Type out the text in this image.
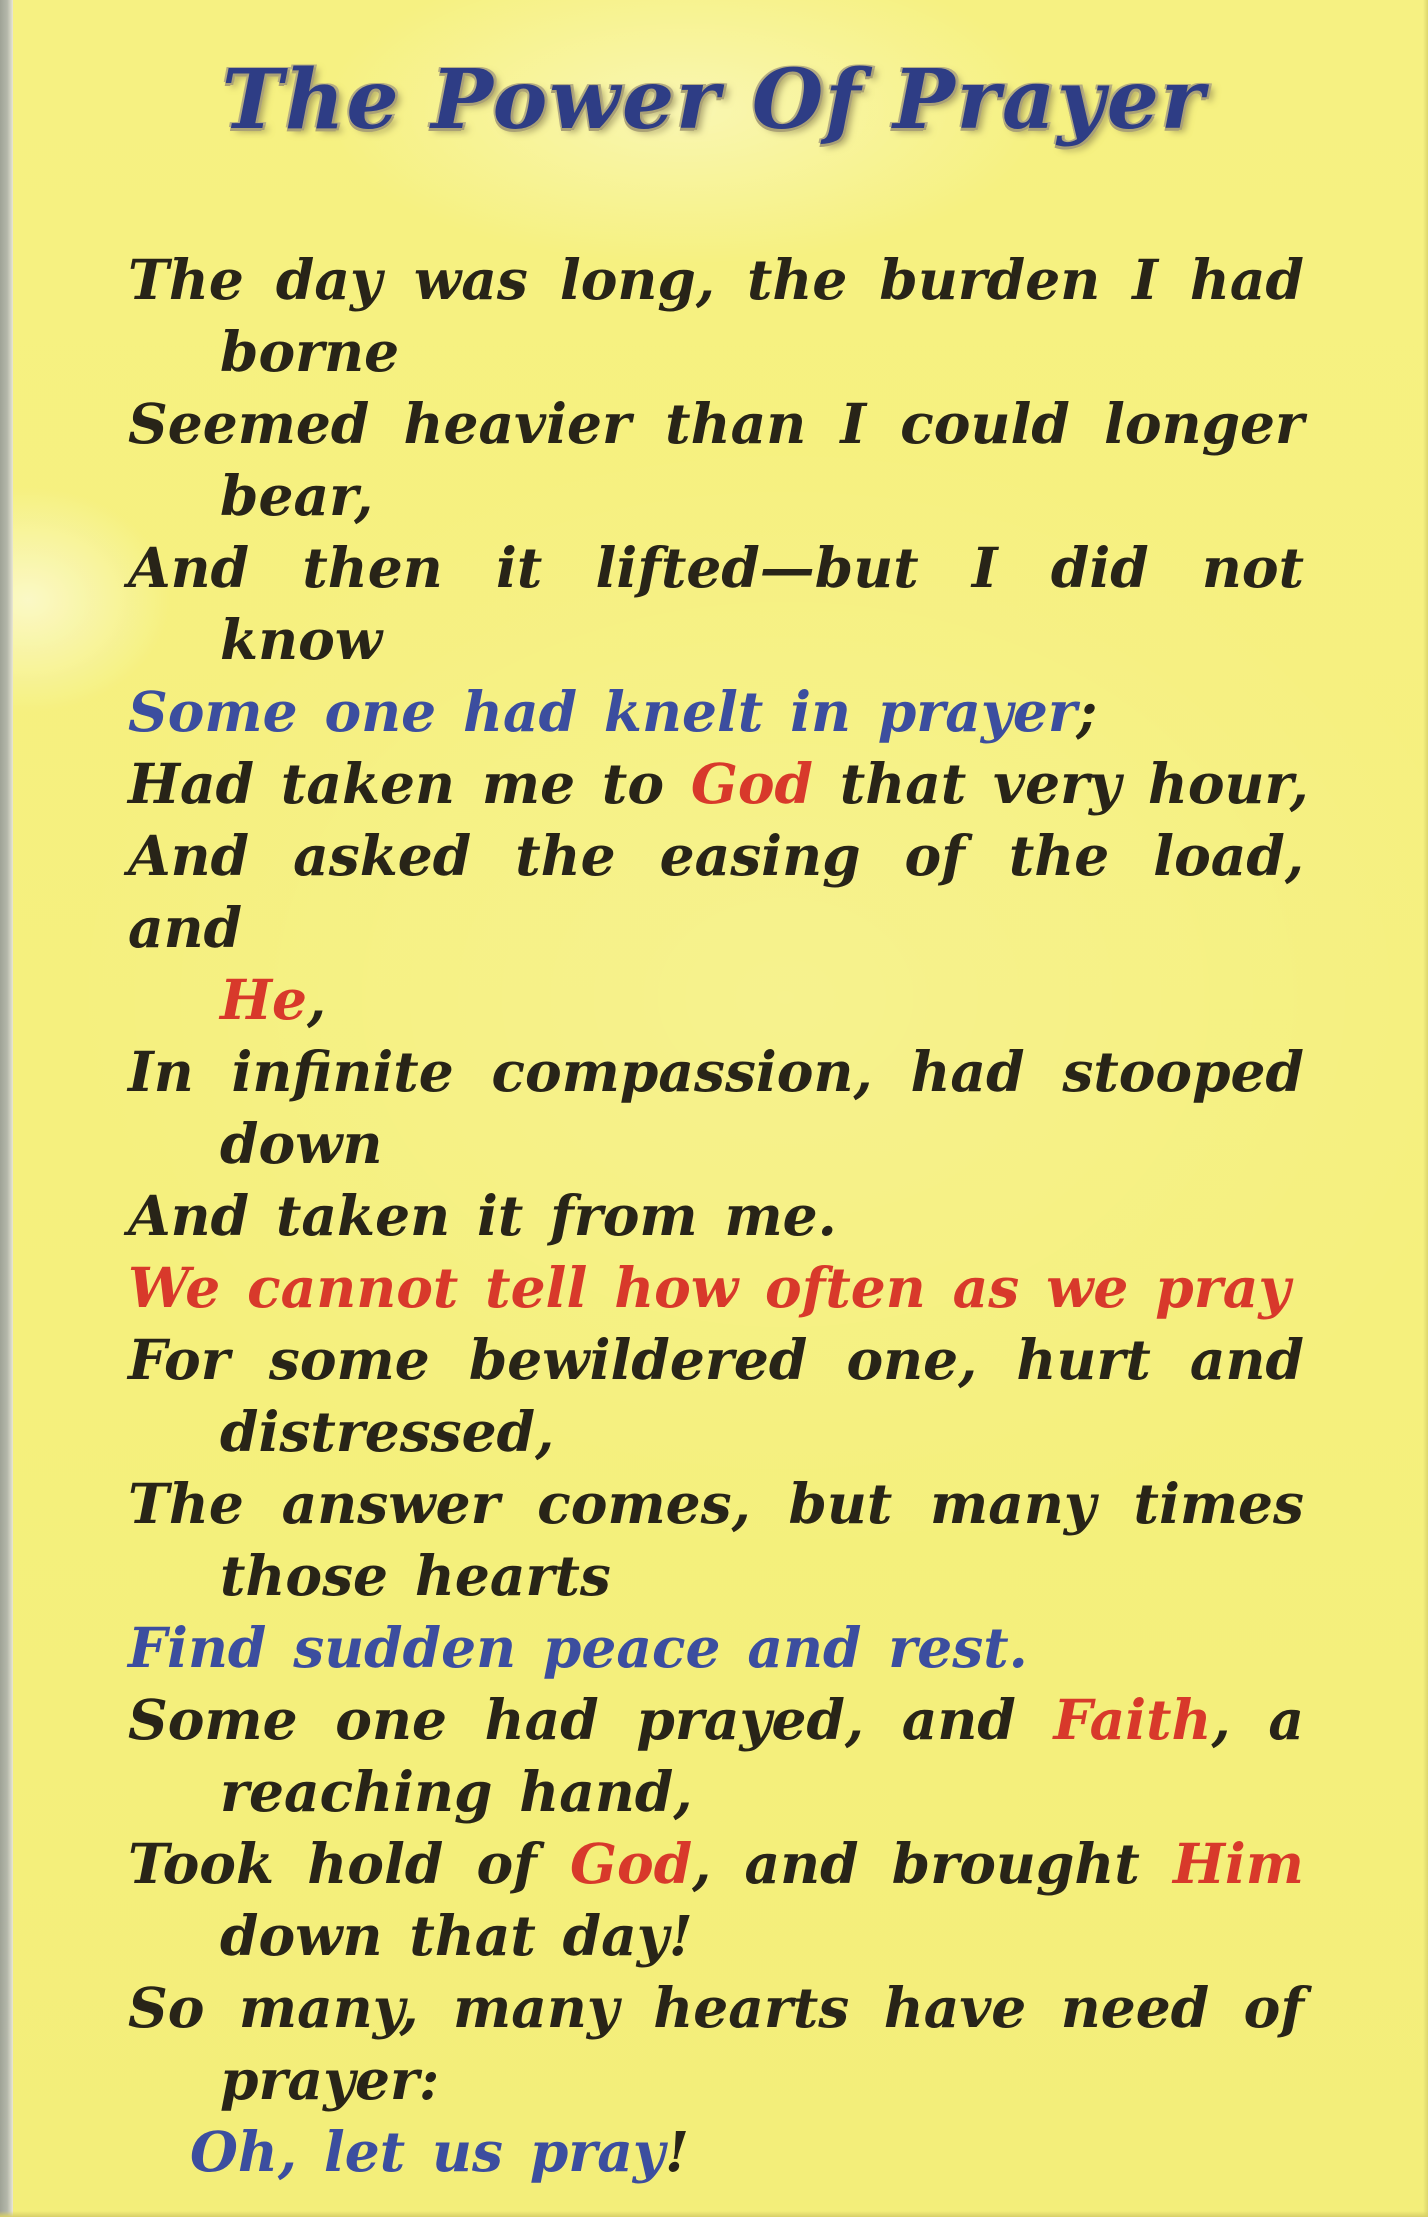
The Power Of Prayer
The day was long, the burden I had
borne
Seemed heavier than I could longer
bear,
And then it lifted—but I did not
know
Some one had knelt in prayer;
Had taken me to God that very hour,
And asked the easing of the load, and
He,
In infinite compassion, had stooped
down
And taken it from me.
We cannot tell how often as we pray
For some bewildered one, hurt and
distressed,
The answer comes, but many times
those hearts
Find sudden peace and rest.
Some one had prayed, and Faith, a
reaching hand,
Took hold of God, and brought Him
down that day!
So many, many hearts have need of
prayer:
Oh, let us pray!
